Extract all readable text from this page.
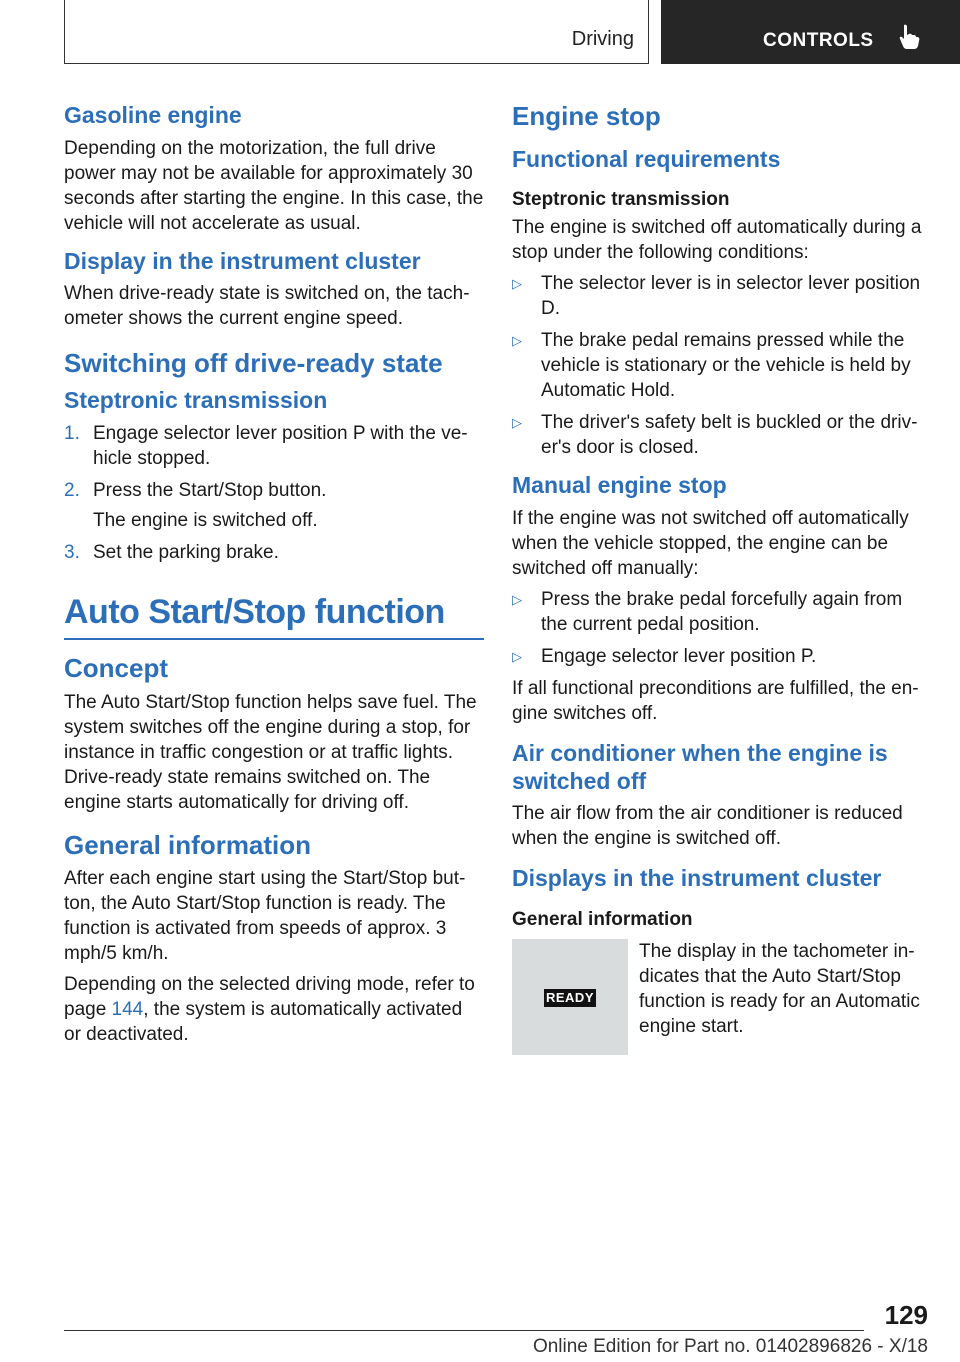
Driving	CONTROLS
Gasoline engine

Depending on the motorization, the full drive power may not be available for approximately 30 seconds after starting the engine. In this case, the vehicle will not accelerate as usual.

Display in the instrument cluster

When drive-ready state is switched on, the tach-ometer shows the current engine speed.

Switching off drive-ready state
Steptronic transmission
1. Engage selector lever position P with the ve-hicle stopped.
2. Press the Start/Stop button.
The engine is switched off.
3. Set the parking brake.
Auto Start/Stop function
Concept

The Auto Start/Stop function helps save fuel. The system switches off the engine during a stop, for instance in traffic congestion or at traffic lights. Drive-ready state remains switched on. The engine starts automatically for driving off.

General information

After each engine start using the Start/Stop but-ton, the Auto Start/Stop function is ready. The function is activated from speeds of approx. 3 mph/5 km/h.

Depending on the selected driving mode, refer to page 144, the system is automatically activated or deactivated.

Engine stop
Functional requirements
Steptronic transmission

The engine is switched off automatically during a stop under the following conditions:

▷ The selector lever is in selector lever position D.
▷ The brake pedal remains pressed while the vehicle is stationary or the vehicle is held by Automatic Hold.
▷ The driver's safety belt is buckled or the driv-er's door is closed.
Manual engine stop

If the engine was not switched off automatically when the vehicle stopped, the engine can be switched off manually:

▷ Press the brake pedal forcefully again from the current pedal position.
▷ Engage selector lever position P.

If all functional preconditions are fulfilled, the en-gine switches off.

Air conditioner when the engine is switched off

The air flow from the air conditioner is reduced when the engine is switched off.

Displays in the instrument cluster
General information
READY
The display in the tachometer in-dicates that the Auto Start/Stop function is ready for an Automatic engine start.
129
Online Edition for Part no. 01402896826 - X/18
